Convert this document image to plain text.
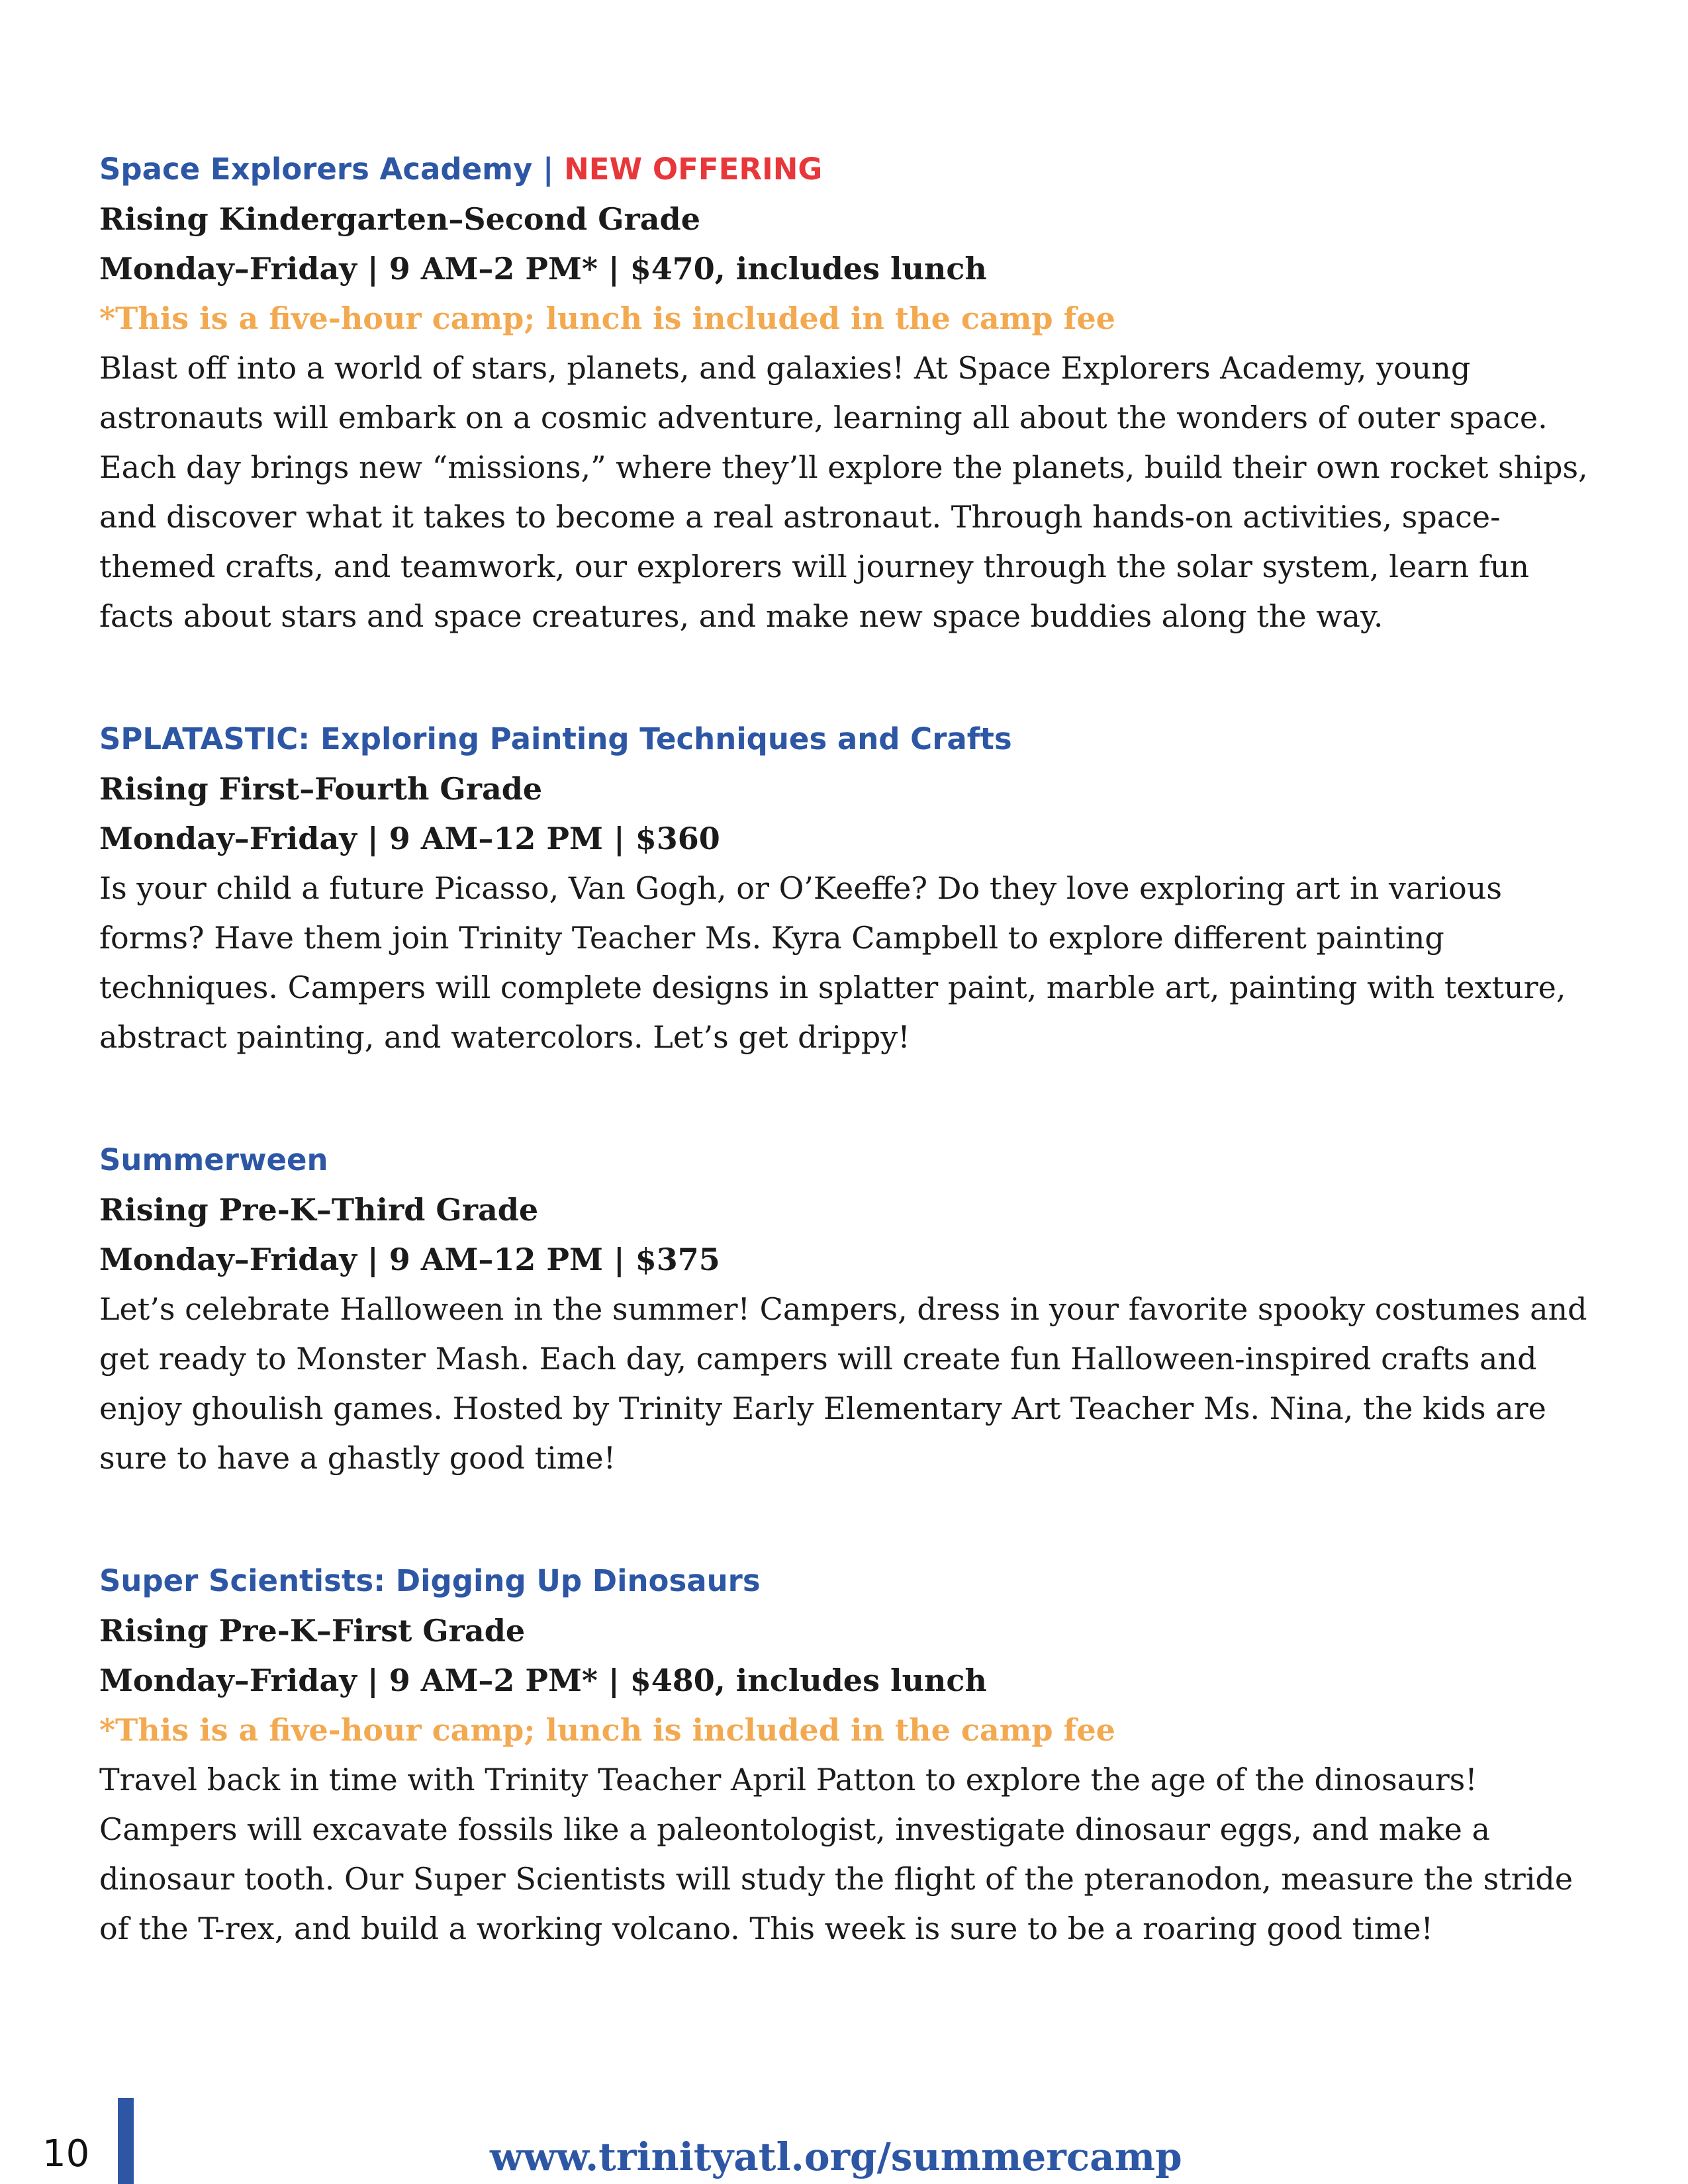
Space Explorers Academy | NEW OFFERING
Rising Kindergarten–Second Grade
Monday–Friday | 9 AM–2 PM* | $470, includes lunch
*This is a five-hour camp; lunch is included in the camp fee

Blast off into a world of stars, planets, and galaxies! At Space Explorers Academy, young astronauts will embark on a cosmic adventure, learning all about the wonders of outer space. Each day brings new “missions,” where they’ll explore the planets, build their own rocket ships, and discover what it takes to become a real astronaut. Through hands-on activities, space-themed crafts, and teamwork, our explorers will journey through the solar system, learn fun facts about stars and space creatures, and make new space buddies along the way.

SPLATASTIC: Exploring Painting Techniques and Crafts
Rising First–Fourth Grade
Monday–Friday | 9 AM–12 PM | $360

Is your child a future Picasso, Van Gogh, or O’Keeffe? Do they love exploring art in various forms? Have them join Trinity Teacher Ms. Kyra Campbell to explore different painting techniques. Campers will complete designs in splatter paint, marble art, painting with texture, abstract painting, and watercolors. Let’s get drippy!

Summerween
Rising Pre-K–Third Grade
Monday–Friday | 9 AM–12 PM | $375

Let’s celebrate Halloween in the summer! Campers, dress in your favorite spooky costumes and get ready to Monster Mash. Each day, campers will create fun Halloween-inspired crafts and enjoy ghoulish games. Hosted by Trinity Early Elementary Art Teacher Ms. Nina, the kids are sure to have a ghastly good time!

Super Scientists: Digging Up Dinosaurs
Rising Pre-K–First Grade
Monday–Friday | 9 AM–2 PM* | $480, includes lunch
*This is a five-hour camp; lunch is included in the camp fee

Travel back in time with Trinity Teacher April Patton to explore the age of the dinosaurs! Campers will excavate fossils like a paleontologist, investigate dinosaur eggs, and make a dinosaur tooth. Our Super Scientists will study the flight of the pteranodon, measure the stride of the T-rex, and build a working volcano. This week is sure to be a roaring good time!

10	www.trinityatl.org/summercamp
